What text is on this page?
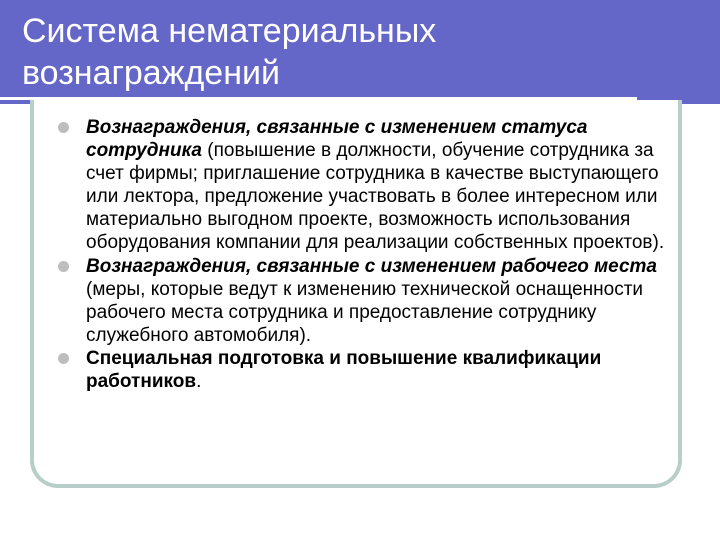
Система нематериальных
вознаграждений
Вознаграждения, связанные с изменением статуса сотрудника (повышение в должности, обучение сотрудника за счет фирмы; приглашение сотрудника в качестве выступающего или лектора, предложение участвовать в более интересном или материально выгодном проекте, возможность использования оборудования компании для реализации собственных проектов).
Вознаграждения, связанные с изменением рабочего места (меры, которые ведут к изменению технической оснащенности рабочего места сотрудника и предоставление сотруднику служебного автомобиля).
Специальная подготовка и повышение квалификации работников.
